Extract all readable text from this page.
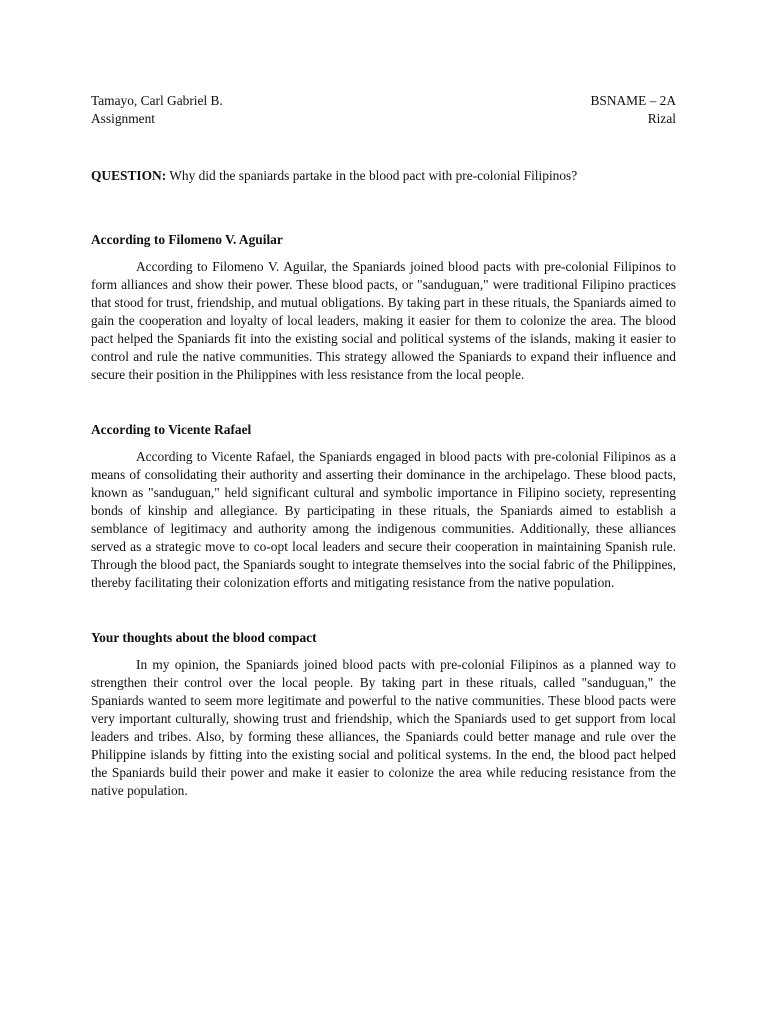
Tamayo, Carl Gabriel B.	BSNAME – 2A
Assignment	Rizal
QUESTION: Why did the spaniards partake in the blood pact with pre-colonial Filipinos?
According to Filomeno V. Aguilar
According to Filomeno V. Aguilar, the Spaniards joined blood pacts with pre-colonial Filipinos to form alliances and show their power. These blood pacts, or "sanduguan," were traditional Filipino practices that stood for trust, friendship, and mutual obligations. By taking part in these rituals, the Spaniards aimed to gain the cooperation and loyalty of local leaders, making it easier for them to colonize the area. The blood pact helped the Spaniards fit into the existing social and political systems of the islands, making it easier to control and rule the native communities. This strategy allowed the Spaniards to expand their influence and secure their position in the Philippines with less resistance from the local people.
According to Vicente Rafael
According to Vicente Rafael, the Spaniards engaged in blood pacts with pre-colonial Filipinos as a means of consolidating their authority and asserting their dominance in the archipelago. These blood pacts, known as "sanduguan," held significant cultural and symbolic importance in Filipino society, representing bonds of kinship and allegiance. By participating in these rituals, the Spaniards aimed to establish a semblance of legitimacy and authority among the indigenous communities. Additionally, these alliances served as a strategic move to co-opt local leaders and secure their cooperation in maintaining Spanish rule. Through the blood pact, the Spaniards sought to integrate themselves into the social fabric of the Philippines, thereby facilitating their colonization efforts and mitigating resistance from the native population.
Your thoughts about the blood compact
In my opinion, the Spaniards joined blood pacts with pre-colonial Filipinos as a planned way to strengthen their control over the local people. By taking part in these rituals, called "sanduguan," the Spaniards wanted to seem more legitimate and powerful to the native communities. These blood pacts were very important culturally, showing trust and friendship, which the Spaniards used to get support from local leaders and tribes. Also, by forming these alliances, the Spaniards could better manage and rule over the Philippine islands by fitting into the existing social and political systems. In the end, the blood pact helped the Spaniards build their power and make it easier to colonize the area while reducing resistance from the native population.
